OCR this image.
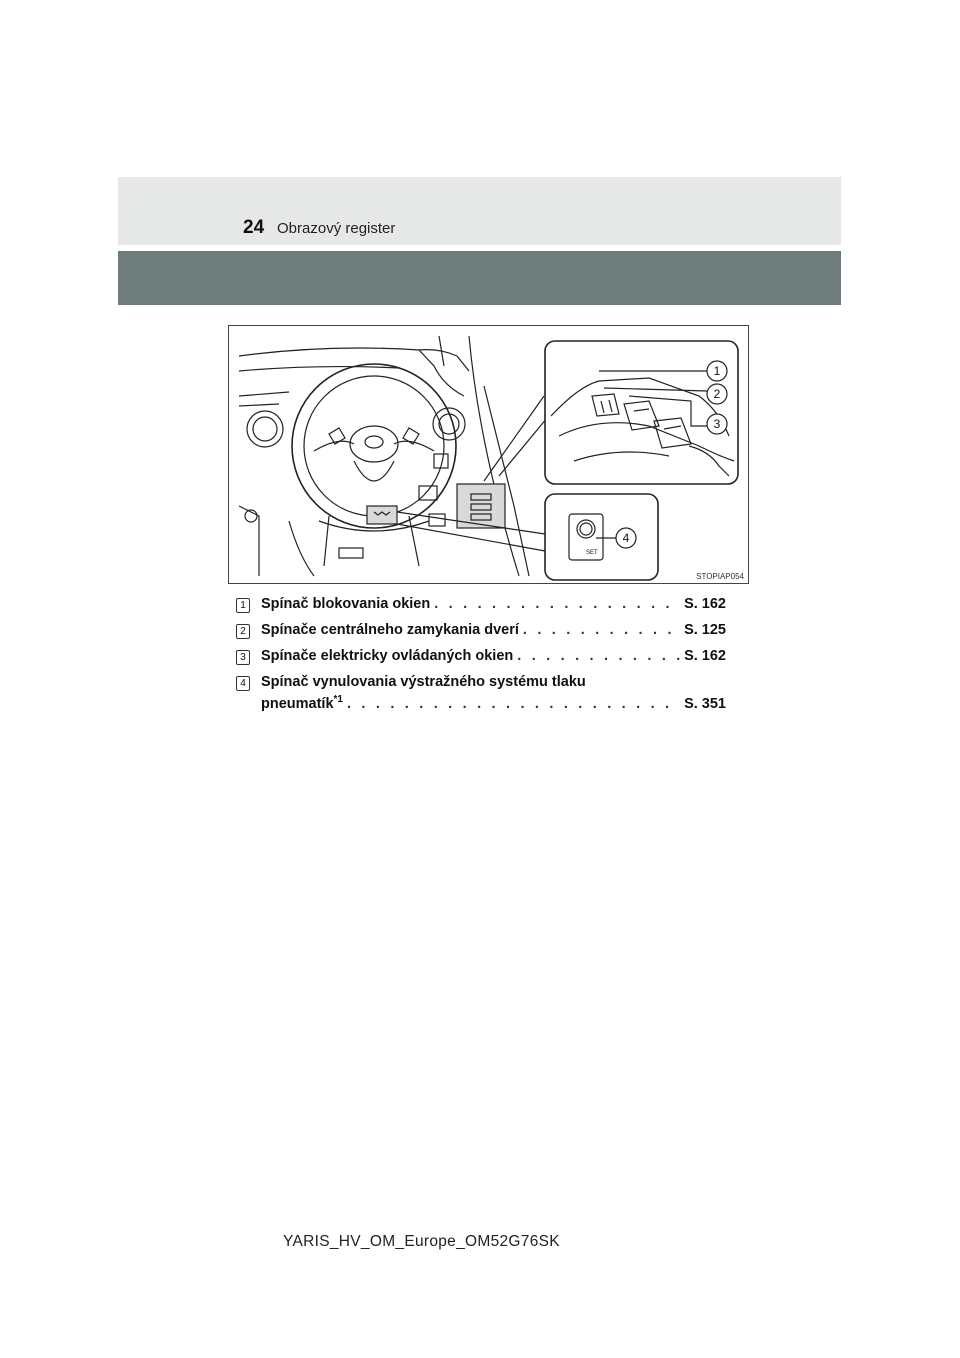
24 Obrazový register
1
2
3
4
SET
STOPIAP054
1 Spínač blokovania okien . . .	S. 162
2 Spínače centrálneho zamykania dverí . . .	S. 125
3 Spínače elektricky ovládaných okien . . .	S. 162
4 Spínač vynulovania výstražného systému tlaku
pneumatík$^{*1}$ . . .	S. 351
YARIS_HV_OM_Europe_OM52G76SK
